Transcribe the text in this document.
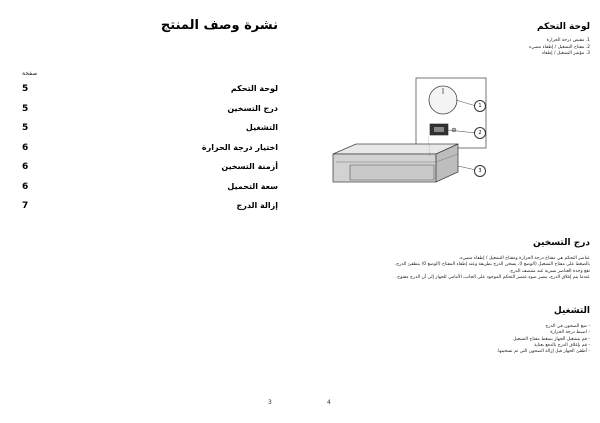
نشرة وصف المنتج
صفحة
5	لوحة التحكم
5	درج التسخين
5	التشغيل
6	اختيار درجة الحرارة
6	أزمنة التسخين
6	سعة التحميل
7	إزالة الدرج
3
لوحة التحكم
1. مقبض درجة الحرارة
2. مفتاح التشغيل / إطفاء مضيء
3. مؤشر التشغيل / إطفاء
1
2
3
درج التسخين
عناصر التحكم هي مفتاح درجة الحرارة ومفتاح التشغيل / إطفاء مضيء.
بالضغط على مفتاح التشغيل (الوضع I)، يسخن الدرج بطريقة وعند إطفاء المفتاح (الوضع 0) ينطفئ الدرج.
تقع وحدة العناصر بسرية عند منتصف الدرج.
عندما يتم إغلاق الدرج، يشير ضوء عنصر التحكم الموجود على الجانب الأمامي للجهاز إلى أن الدرج مفتوح.
التشغيل
- ضع الصحون في الدرج
- اضبط درجة الحرارة
- قم بتشغيل الجهاز بضغط مفتاح التشغيل
- قم بإغلاق الدرج بالدفع بعناية
- أطفئ الجهاز قبل إزالة الصحون التي تم تسخينها.
4
